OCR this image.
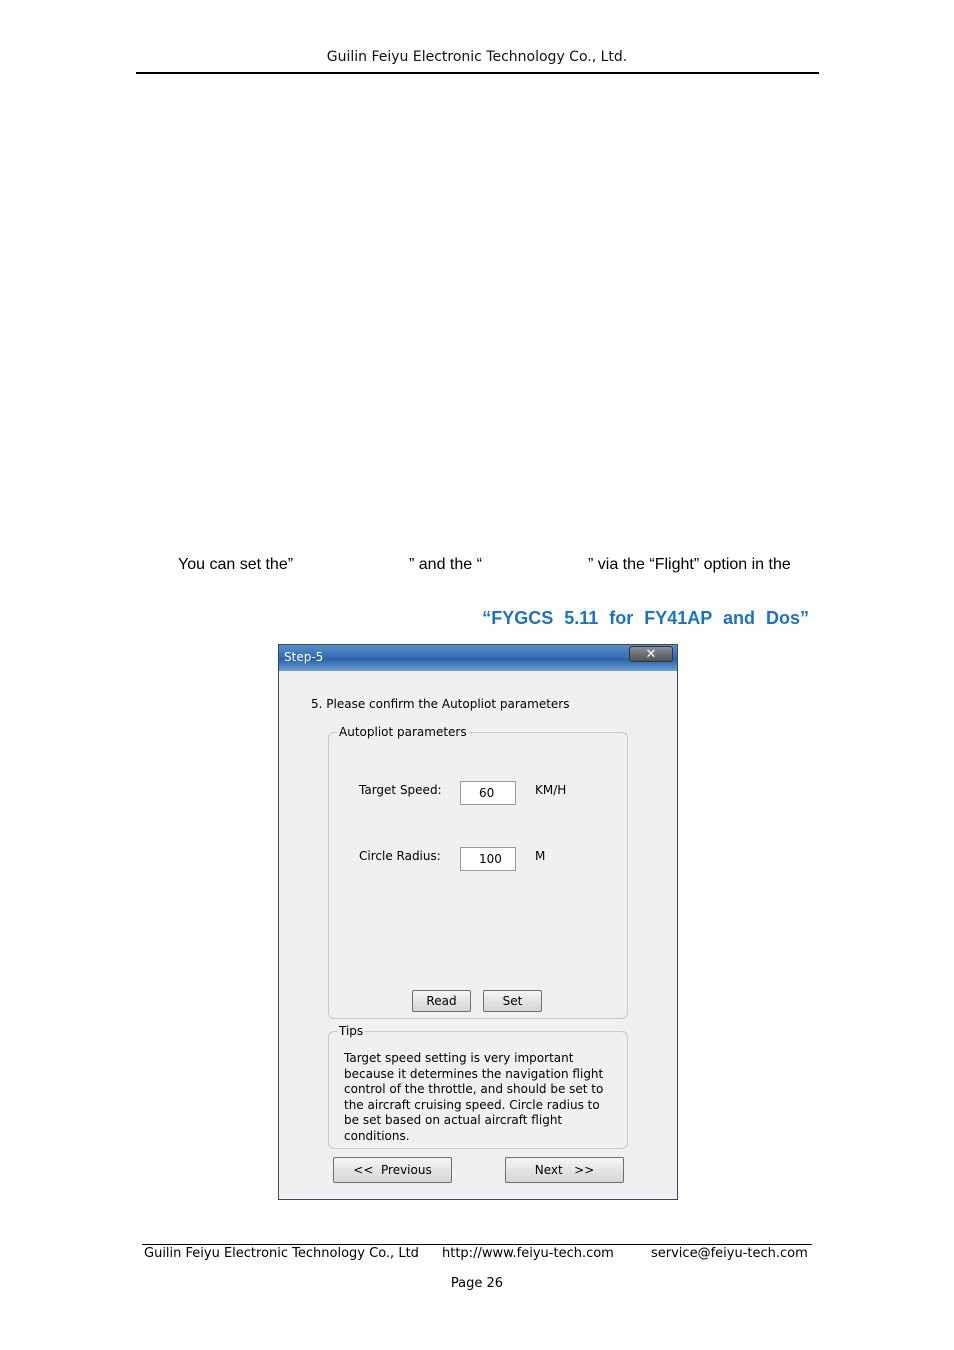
Guilin Feiyu Electronic Technology Co., Ltd.
You can set the”	” and the “	” via the “Flight” option in the
“FYGCS 5.11 for FY41AP and Dos”
Step-5	✕
5. Please confirm the Autopliot parameters
Autopliot parameters
Target Speed:	60	KM/H
Circle Radius:	100	M
Read	Set
Tips
Target speed setting is very important because it determines the navigation flight control of the throttle, and should be set to the aircraft cruising speed. Circle radius to be set based on actual aircraft flight conditions.
<<  Previous	Next   >>
Guilin Feiyu Electronic Technology Co., Ltd http://www.feiyu-tech.com	service@feiyu-tech.com
Page 26
